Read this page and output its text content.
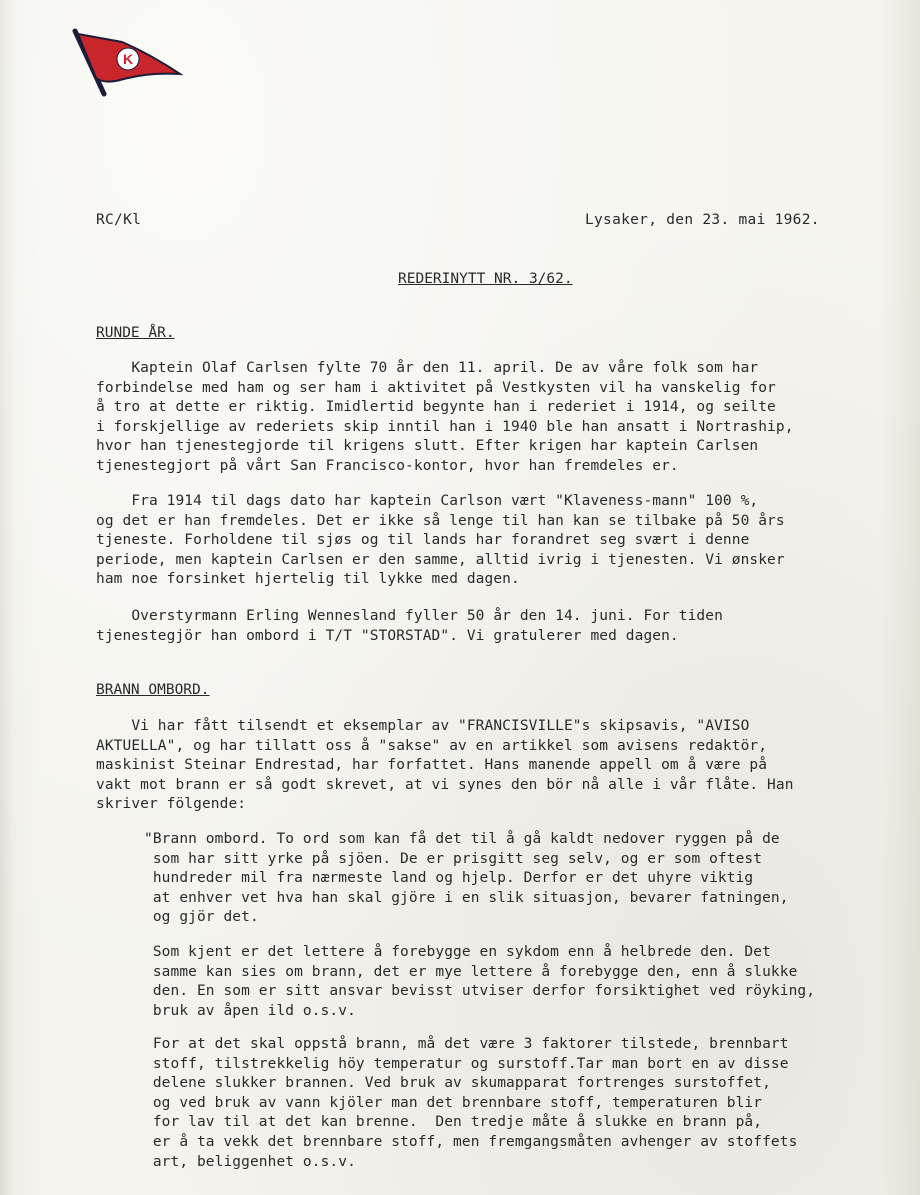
K
RC/Kl	Lysaker, den 23. mai 1962.
REDERINYTT NR. 3/62.
RUNDE ÅR.
Kaptein Olaf Carlsen fylte 70 år den 11. april. De av våre folk som har
forbindelse med ham og ser ham i aktivitet på Vestkysten vil ha vanskelig for
å tro at dette er riktig. Imidlertid begynte han i rederiet i 1914, og seilte
i forskjellige av rederiets skip inntil han i 1940 ble han ansatt i Nortraship,
hvor han tjenestegjorde til krigens slutt. Efter krigen har kaptein Carlsen
tjenestegjort på vårt San Francisco-kontor, hvor han fremdeles er.
Fra 1914 til dags dato har kaptein Carlson vært "Klaveness-mann" 100 %,
og det er han fremdeles. Det er ikke så lenge til han kan se tilbake på 50 års
tjeneste. Forholdene til sjøs og til lands har forandret seg svært i denne
periode, men kaptein Carlsen er den samme, alltid ivrig i tjenesten. Vi ønsker
ham noe forsinket hjertelig til lykke med dagen.
Overstyrmann Erling Wennesland fyller 50 år den 14. juni. For tiden
tjenestegjör han ombord i T/T "STORSTAD". Vi gratulerer med dagen.
BRANN OMBORD.
Vi har fått tilsendt et eksemplar av "FRANCISVILLE"s skipsavis, "AVISO
AKTUELLA", og har tillatt oss å "sakse" av en artikkel som avisens redaktör,
maskinist Steinar Endrestad, har forfattet. Hans manende appell om å være på
vakt mot brann er så godt skrevet, at vi synes den bör nå alle i vår flåte. Han
skriver fölgende:
"Brann ombord. To ord som kan få det til å gå kaldt nedover ryggen på de
som har sitt yrke på sjöen. De er prisgitt seg selv, og er som oftest
hundreder mil fra nærmeste land og hjelp. Derfor er det uhyre viktig
at enhver vet hva han skal gjöre i en slik situasjon, bevarer fatningen,
og gjör det.
Som kjent er det lettere å forebygge en sykdom enn å helbrede den. Det
samme kan sies om brann, det er mye lettere å forebygge den, enn å slukke
den. En som er sitt ansvar bevisst utviser derfor forsiktighet ved röyking,
bruk av åpen ild o.s.v.
For at det skal oppstå brann, må det være 3 faktorer tilstede, brennbart
stoff, tilstrekkelig höy temperatur og surstoff.Tar man bort en av disse
delene slukker brannen. Ved bruk av skumapparat fortrenges surstoffet,
og ved bruk av vann kjöler man det brennbare stoff, temperaturen blir
for lav til at det kan brenne.  Den tredje måte å slukke en brann på,
er å ta vekk det brennbare stoff, men fremgangsmåten avhenger av stoffets
art, beliggenhet o.s.v.
